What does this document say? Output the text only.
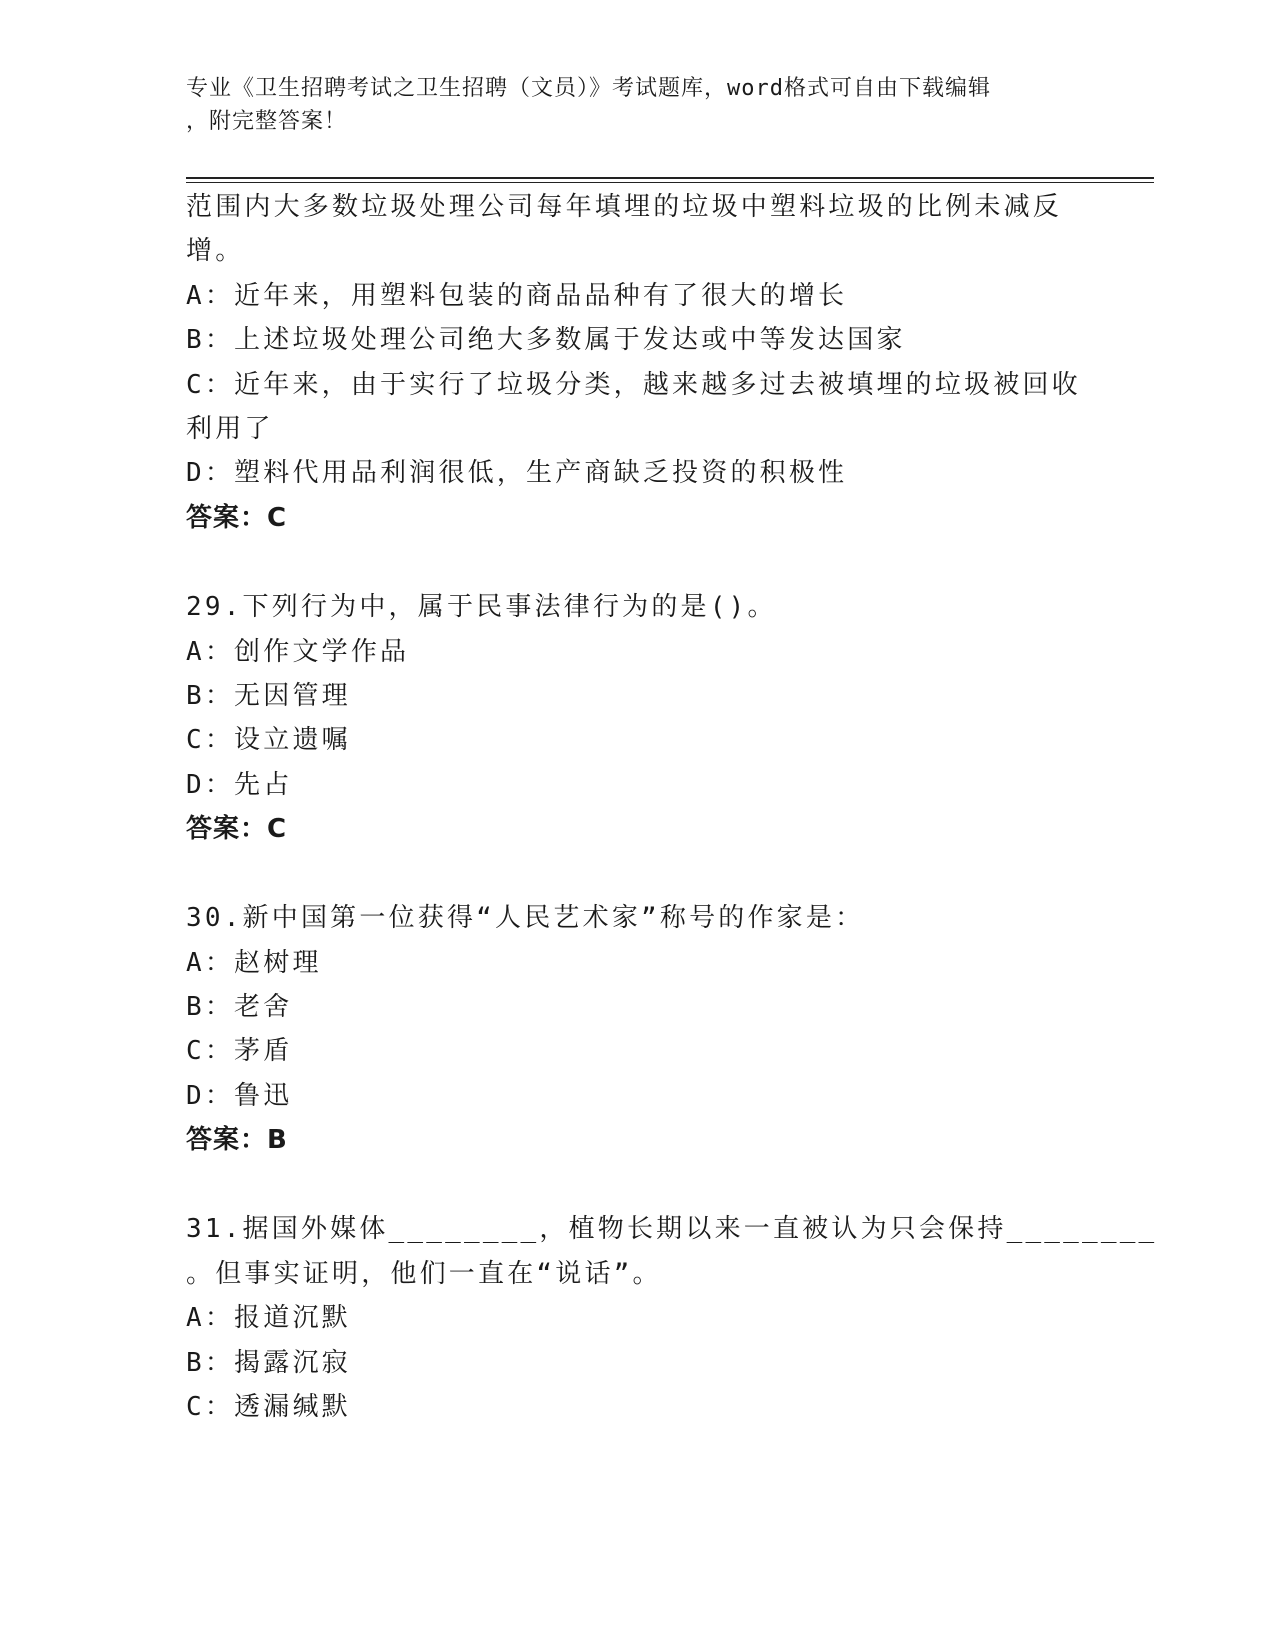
专业《卫生招聘考试之卫生招聘（文员）》考试题库，word格式可自由下载编辑
，附完整答案！
范围内大多数垃圾处理公司每年填埋的垃圾中塑料垃圾的比例未减反
增。
A：近年来，用塑料包装的商品品种有了很大的增长
B：上述垃圾处理公司绝大多数属于发达或中等发达国家
C：近年来，由于实行了垃圾分类，越来越多过去被填埋的垃圾被回收
利用了
D：塑料代用品利润很低，生产商缺乏投资的积极性
答案：C
29.下列行为中，属于民事法律行为的是()。
A：创作文学作品
B：无因管理
C：设立遗嘱
D：先占
答案：C
30.新中国第一位获得“人民艺术家”称号的作家是：
A：赵树理
B：老舍
C：茅盾
D：鲁迅
答案：B
31.据国外媒体________，植物长期以来一直被认为只会保持________
。但事实证明，他们一直在“说话”。
A：报道沉默
B：揭露沉寂
C：透漏缄默
